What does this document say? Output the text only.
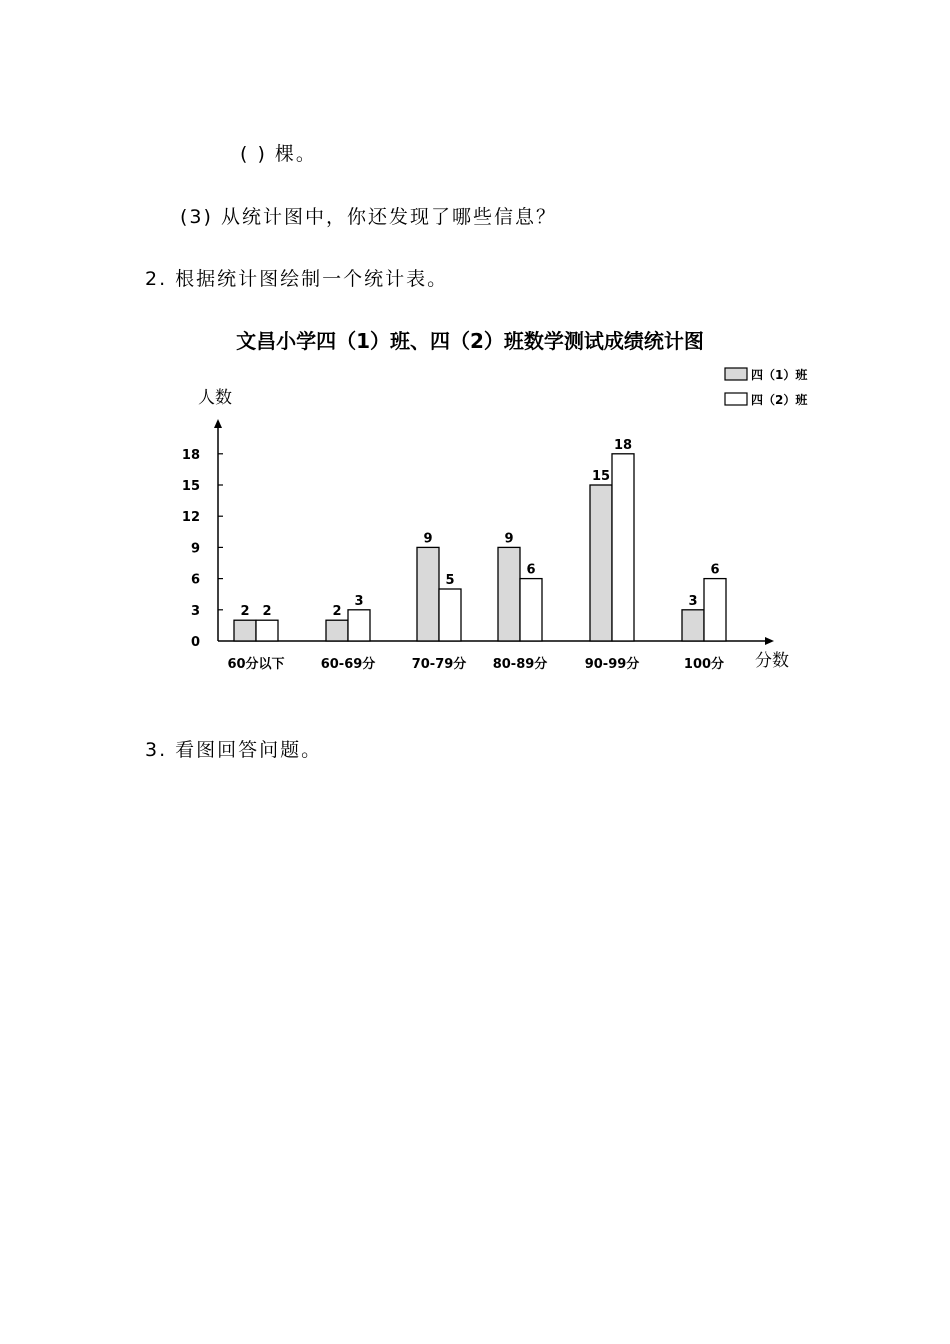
( ) 棵。
(3) 从统计图中，你还发现了哪些信息？
2. 根据统计图绘制一个统计表。
文昌小学四（1）班、四（2）班数学测试成绩统计图
人数
分数
0
3
6
9
12
15
18
2 2
60分以下
2
3
60-69分
9
5
70-79分
9
6
80-89分
15
18
90-99分
3
6
100分
四（1）班
四（2）班
3. 看图回答问题。
